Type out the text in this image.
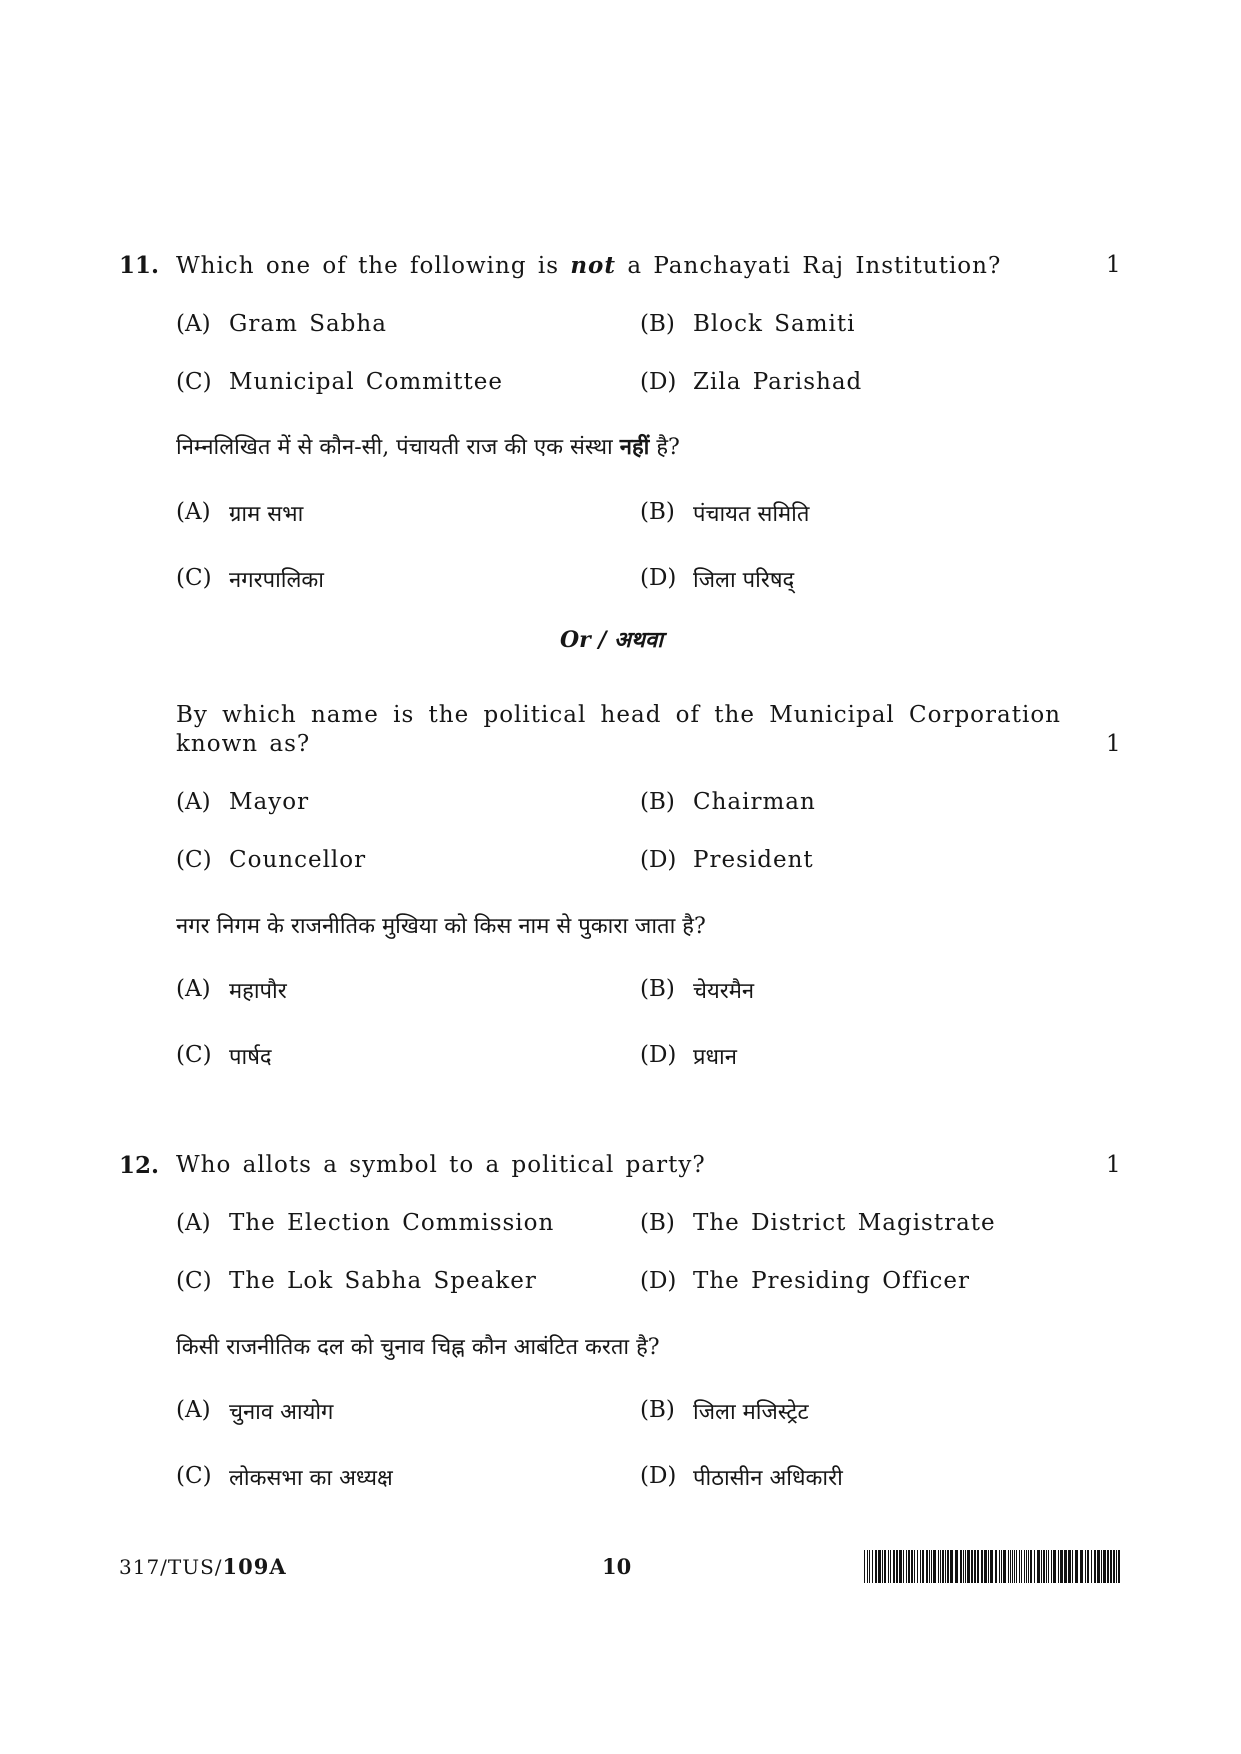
11. Which one of the following is not a Panchayati Raj Institution?	1
(A) Gram Sabha	(B) Block Samiti
(C) Municipal Committee	(D) Zila Parishad
निम्नलिखित में से कौन-सी, पंचायती राज की एक संस्था नहीं है?
(A) ग्राम सभा	(B) पंचायत समिति
(C) नगरपालिका	(D) जिला परिषद्
Or / अथवा
By which name is the political head of the Municipal Corporation
known as?	1
(A) Mayor	(B) Chairman
(C) Councellor	(D) President
नगर निगम के राजनीतिक मुखिया को किस नाम से पुकारा जाता है?
(A) महापौर	(B) चेयरमैन
(C) पार्षद	(D) प्रधान
12. Who allots a symbol to a political party?	1
(A) The Election Commission	(B) The District Magistrate
(C) The Lok Sabha Speaker	(D) The Presiding Officer
किसी राजनीतिक दल को चुनाव चिह्न कौन आबंटित करता है?
(A) चुनाव आयोग	(B) जिला मजिस्ट्रेट
(C) लोकसभा का अध्यक्ष	(D) पीठासीन अधिकारी
317/TUS/109A	10
